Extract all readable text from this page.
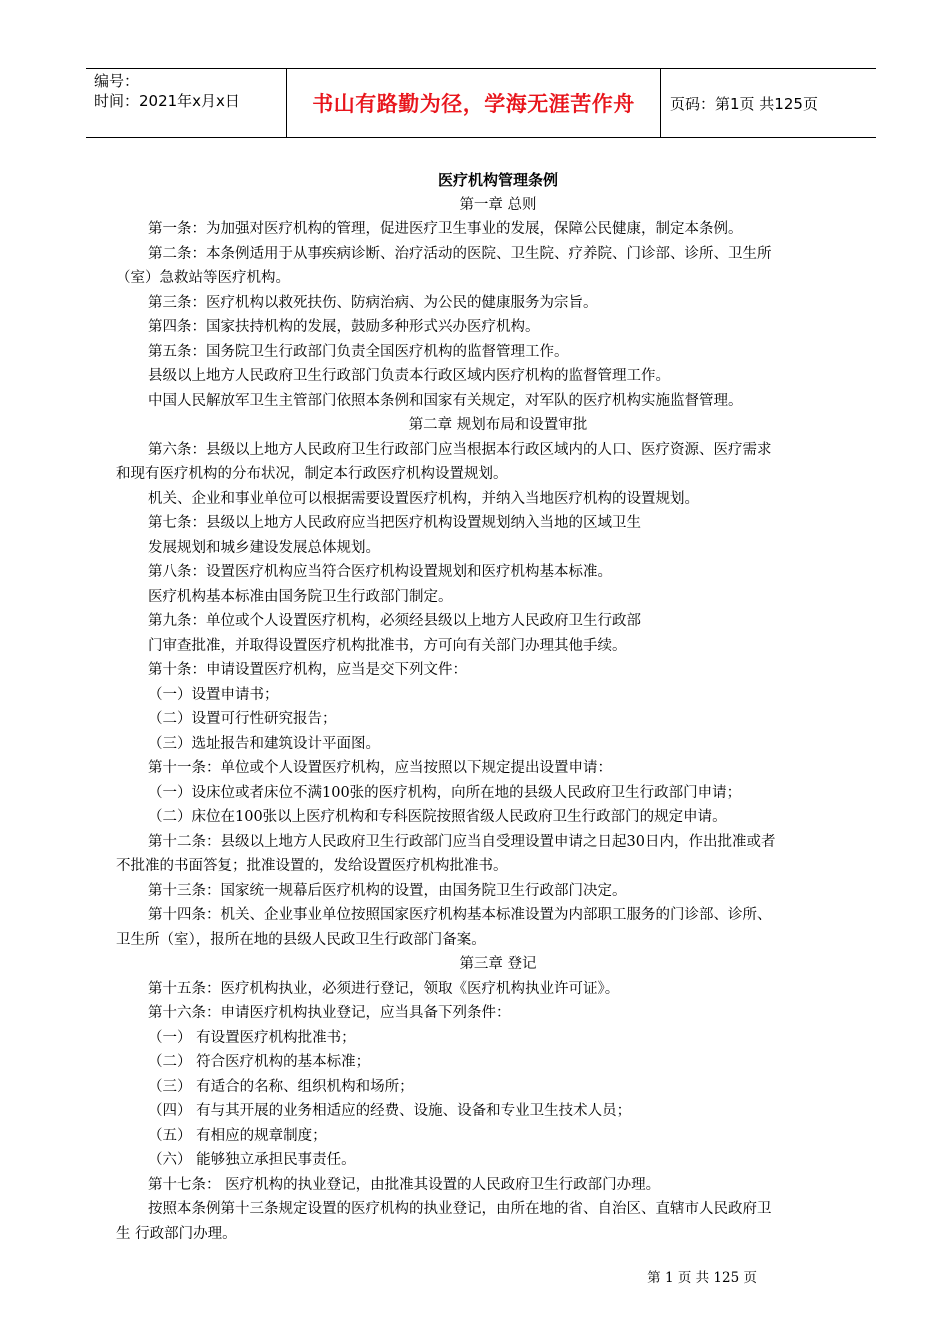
编号：
时间：2021年x月x日	书山有路勤为径，学海无涯苦作舟	页码：第1页 共125页
医疗机构管理条例
第一章 总则
第一条：为加强对医疗机构的管理，促进医疗卫生事业的发展，保障公民健康，制定本条例。
第二条：本条例适用于从事疾病诊断、治疗活动的医院、卫生院、疗养院、门诊部、诊所、卫生所
（室）急救站等医疗机构。
第三条：医疗机构以救死扶伤、防病治病、为公民的健康服务为宗旨。
第四条：国家扶持机构的发展，鼓励多种形式兴办医疗机构。
第五条：国务院卫生行政部门负责全国医疗机构的监督管理工作。
县级以上地方人民政府卫生行政部门负责本行政区域内医疗机构的监督管理工作。
中国人民解放军卫生主管部门依照本条例和国家有关规定，对军队的医疗机构实施监督管理。
第二章 规划布局和设置审批
第六条：县级以上地方人民政府卫生行政部门应当根据本行政区域内的人口、医疗资源、医疗需求
和现有医疗机构的分布状况，制定本行政医疗机构设置规划。
机关、企业和事业单位可以根据需要设置医疗机构，并纳入当地医疗机构的设置规划。
第七条：县级以上地方人民政府应当把医疗机构设置规划纳入当地的区域卫生
发展规划和城乡建设发展总体规划。
第八条：设置医疗机构应当符合医疗机构设置规划和医疗机构基本标准。
医疗机构基本标准由国务院卫生行政部门制定。
第九条：单位或个人设置医疗机构，必须经县级以上地方人民政府卫生行政部
门审查批准，并取得设置医疗机构批准书，方可向有关部门办理其他手续。
第十条：申请设置医疗机构，应当是交下列文件：
（一）设置申请书；
（二）设置可行性研究报告；
（三）选址报告和建筑设计平面图。
第十一条：单位或个人设置医疗机构，应当按照以下规定提出设置申请：
（一）设床位或者床位不满100张的医疗机构，向所在地的县级人民政府卫生行政部门申请；
（二）床位在100张以上医疗机构和专科医院按照省级人民政府卫生行政部门的规定申请。
第十二条：县级以上地方人民政府卫生行政部门应当自受理设置申请之日起30日内，作出批准或者
不批准的书面答复；批准设置的，发给设置医疗机构批准书。
第十三条：国家统一规幕后医疗机构的设置，由国务院卫生行政部门决定。
第十四条：机关、企业事业单位按照国家医疗机构基本标准设置为内部职工服务的门诊部、诊所、
卫生所（室），报所在地的县级人民政卫生行政部门备案。
第三章 登记
第十五条：医疗机构执业，必须进行登记，领取《医疗机构执业许可证》。
第十六条：申请医疗机构执业登记，应当具备下列条件：
（一） 有设置医疗机构批准书；
（二） 符合医疗机构的基本标准；
（三） 有适合的名称、组织机构和场所；
（四） 有与其开展的业务相适应的经费、设施、设备和专业卫生技术人员；
（五） 有相应的规章制度；
（六） 能够独立承担民事责任。
第十七条： 医疗机构的执业登记，由批准其设置的人民政府卫生行政部门办理。
按照本条例第十三条规定设置的医疗机构的执业登记，由所在地的省、自治区、直辖市人民政府卫
生 行政部门办理。
第 1 页 共 125 页
